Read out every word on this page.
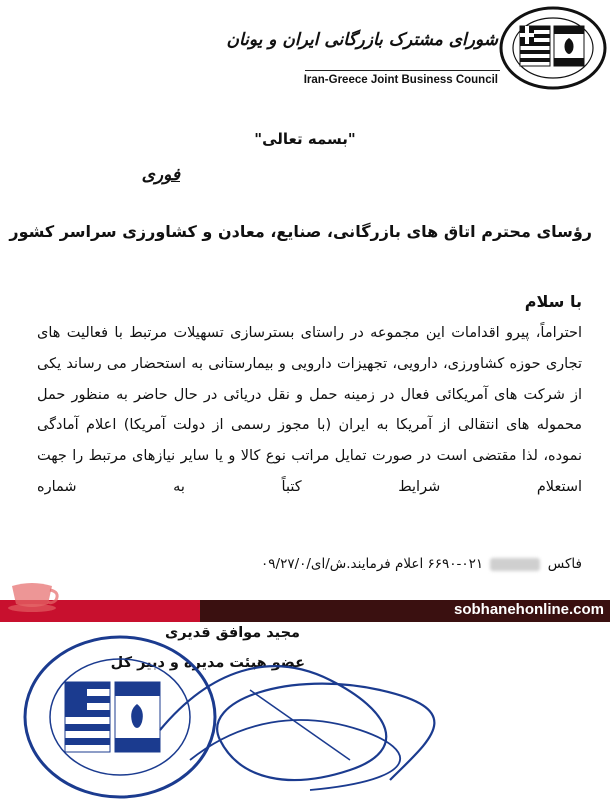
شورای مشترک بازرگانی ایران و یونان
Iran-Greece Joint Business Council
"بسمه تعالی"
فوری
رؤسای محترم اتاق های بازرگانی، صنایع، معادن و کشاورزی سراسر کشور
با سلام
احتراماً، پیرو اقدامات این مجموعه در راستای بسترسازی تسهیلات مرتبط با فعالیت های تجاری حوزه کشاورزی، دارویی، تجهیزات دارویی و بیمارستانی به استحضار می رساند یکی از شرکت های آمریکائی فعال در زمینه حمل و نقل دریائی در حال حاضر به منظور حمل محموله های انتقالی از آمریکا به ایران (با مجوز رسمی از دولت آمریکا) اعلام آمادگی نموده، لذا مقتضی است در صورت تمایل مراتب نوع کالا و یا سایر نیازهای مرتبط را جهت استعلام شرایط کتباً به شماره
فاکس  ۰۲۱-۶۶۹۰ اعلام فرمایند.ش/ای/۰۹/۲۷/۰
sobhanehonline.com
مجید موافق قدیری
عضو هیئت مدیره و دبیر کل
